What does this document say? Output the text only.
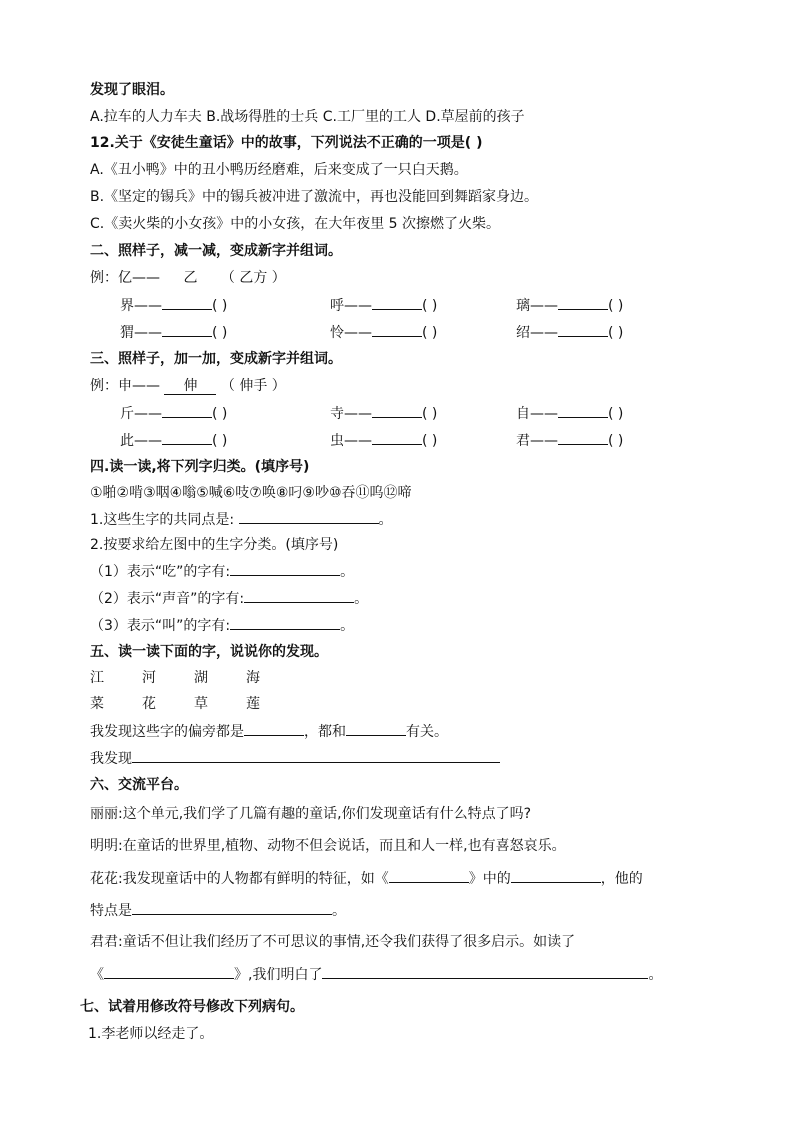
发现了眼泪。
A.拉车的人力车夫 B.战场得胜的士兵 C.工厂里的工人 D.草屋前的孩子
12.关于《安徒生童话》中的故事，下列说法不正确的一项是( )
A.《丑小鸭》中的丑小鸭历经磨难，后来变成了一只白天鹅。
B.《坚定的锡兵》中的锡兵被冲进了激流中，再也没能回到舞蹈家身边。
C.《卖火柴的小女孩》中的小女孩，在大年夜里 5 次擦燃了火柴。
二、照样子，减一减，变成新字并组词。
例：亿—— 乙 （ 乙方 ）
界——	( )	呼——	( )	璃——	( )
猬——	( )	怜——	( )	绍——	( )
三、照样子，加一加，变成新字并组词。
例：申—— 伸 （ 伸手 ）
斤——	( )	寺——	( )	自——	( )
此——	( )	虫——	( )	君——	( )
四.读一读,将下列字归类。(填序号)
①啪②啃③咽④嗡⑤喊⑥吱⑦唤⑧叼⑨吵⑩吞⑪呜⑫啼
1.这些生字的共同点是:	。
2.按要求给左图中的生字分类。(填序号)
（1）表示“吃”的字有:	。
（2）表示“声音”的字有:	。
（3）表示“叫”的字有:	。
五、读一读下面的字，说说你的发现。
江	河	湖	海
菜	花	草	莲
我发现这些字的偏旁都是	，都和	有关。
我发现
六、交流平台。
丽丽:这个单元,我们学了几篇有趣的童话,你们发现童话有什么特点了吗?
明明:在童话的世界里,植物、动物不但会说话，而且和人一样,也有喜怒哀乐。
花花:我发现童话中的人物都有鲜明的特征，如《	》中的	，他的
特点是	。
君君:童话不但让我们经历了不可思议的事情,还令我们获得了很多启示。如读了
《	》,我们明白了	。
七、试着用修改符号修改下列病句。
1.李老师以经走了。
